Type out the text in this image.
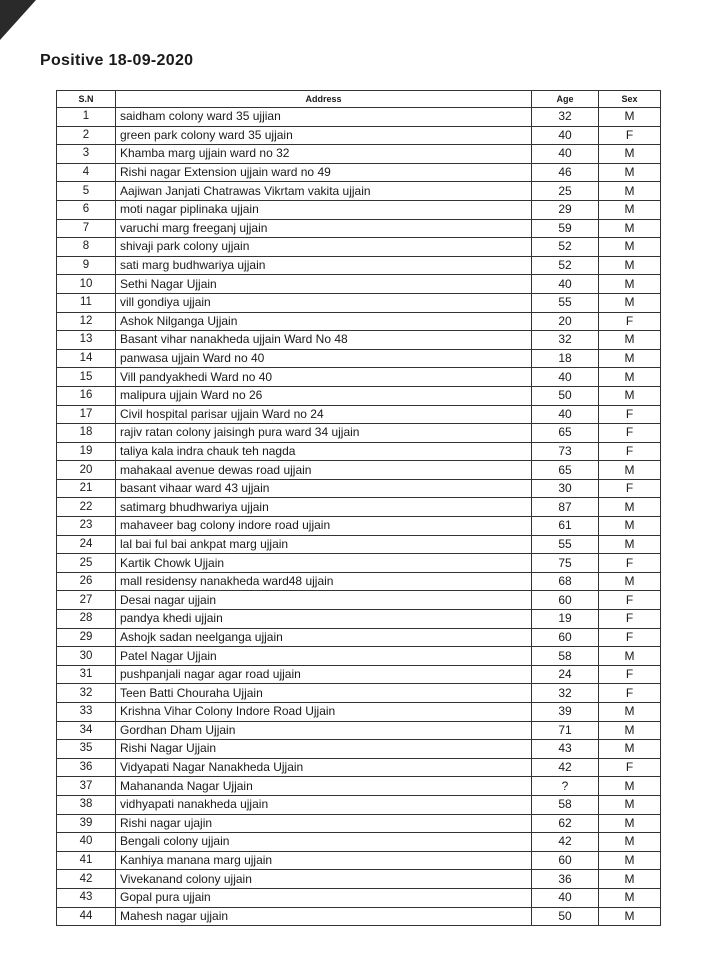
Positive 18-09-2020
S.N	Address	Age	Sex
1	saidham colony ward 35 ujjian	32	M
2	green park colony ward 35 ujjain	40	F
3	Khamba marg ujjain ward no 32	40	M
4	Rishi nagar Extension ujjain ward no 49	46	M
5	Aajiwan Janjati Chatrawas Vikrtam vakita ujjain	25	M
6	moti nagar piplinaka ujjain	29	M
7	varuchi marg freeganj ujjain	59	M
8	shivaji park colony ujjain	52	M
9	sati marg budhwariya ujjain	52	M
10	Sethi Nagar Ujjain	40	M
11	vill gondiya ujjain	55	M
12	Ashok Nilganga Ujjain	20	F
13	Basant vihar nanakheda ujjain Ward No 48	32	M
14	panwasa ujjain Ward no 40	18	M
15	Vill pandyakhedi Ward no 40	40	M
16	malipura ujjain Ward no 26	50	M
17	Civil hospital parisar ujjain Ward no 24	40	F
18	rajiv ratan colony jaisingh pura ward 34 ujjain	65	F
19	taliya kala indra chauk teh nagda	73	F
20	mahakaal avenue dewas road ujjain	65	M
21	basant vihaar ward 43 ujjain	30	F
22	satimarg bhudhwariya ujjain	87	M
23	mahaveer bag colony indore road ujjain	61	M
24	lal bai ful bai ankpat marg ujjain	55	M
25	Kartik Chowk Ujjain	75	F
26	mall residensy nanakheda ward48 ujjain	68	M
27	Desai nagar ujjain	60	F
28	pandya khedi ujjain	19	F
29	Ashojk sadan neelganga ujjain	60	F
30	Patel Nagar Ujjain	58	M
31	pushpanjali nagar agar road ujjain	24	F
32	Teen Batti Chouraha Ujjain	32	F
33	Krishna Vihar Colony Indore Road Ujjain	39	M
34	Gordhan Dham Ujjain	71	M
35	Rishi Nagar Ujjain	43	M
36	Vidyapati Nagar Nanakheda Ujjain	42	F
37	Mahananda Nagar Ujjain	?	M
38	vidhyapati nanakheda ujjain	58	M
39	Rishi nagar ujajin	62	M
40	Bengali colony ujjain	42	M
41	Kanhiya manana marg ujjain	60	M
42	Vivekanand colony ujjain	36	M
43	Gopal pura ujjain	40	M
44	Mahesh nagar ujjain	50	M
